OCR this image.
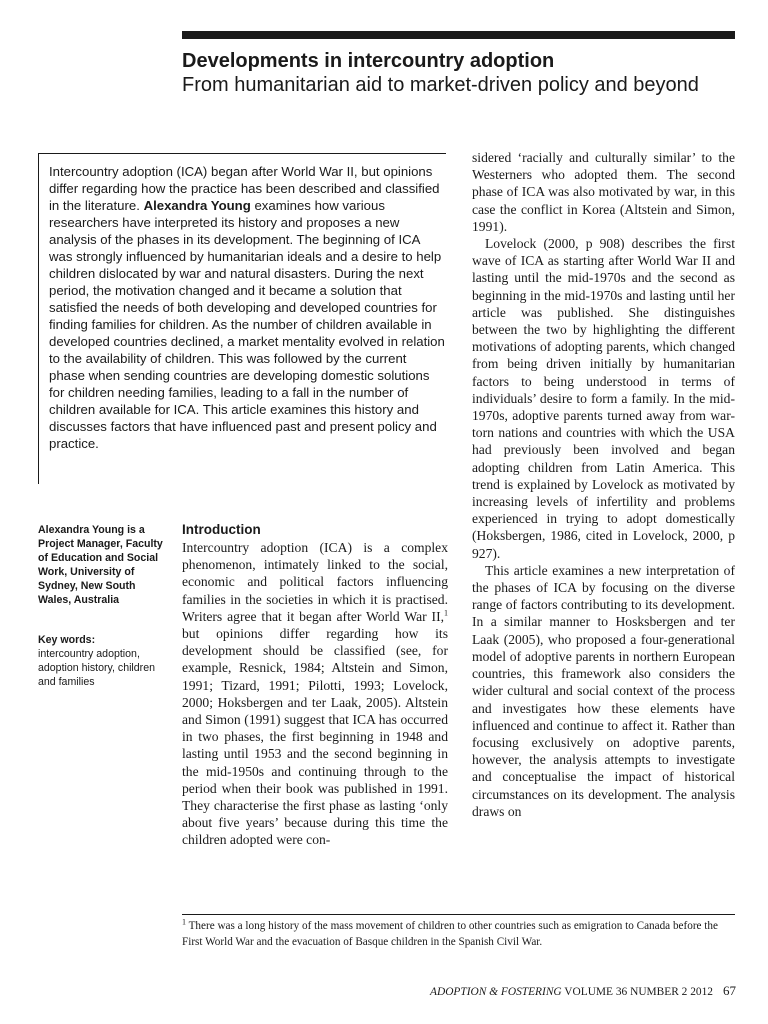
Developments in intercountry adoption
From humanitarian aid to market-driven policy and beyond
Intercountry adoption (ICA) began after World War II, but opinions differ regarding how the practice has been described and classified in the literature. Alexandra Young examines how various researchers have interpreted its history and proposes a new analysis of the phases in its development. The beginning of ICA was strongly influenced by humanitarian ideals and a desire to help children dislocated by war and natural disasters. During the next period, the motivation changed and it became a solution that satisfied the needs of both developing and developed countries for finding families for children. As the number of children available in developed countries declined, a market mentality evolved in relation to the availability of children. This was followed by the current phase when sending countries are developing domestic solutions for children needing families, leading to a fall in the number of children available for ICA. This article examines this history and discusses factors that have influenced past and present policy and practice.
Alexandra Young is a Project Manager, Faculty of Education and Social Work, University of Sydney, New South Wales, Australia
Key words:
intercountry adoption, adoption history, children and families
Introduction

Intercountry adoption (ICA) is a complex phenomenon, intimately linked to the social, economic and political factors influencing families in the societies in which it is practised. Writers agree that it began after World War II,$^1$ but opinions differ regarding how its development should be classified (see, for example, Resnick, 1984; Altstein and Simon, 1991; Tizard, 1991; Pilotti, 1993; Lovelock, 2000; Hoksbergen and ter Laak, 2005). Altstein and Simon (1991) suggest that ICA has occurred in two phases, the first beginning in 1948 and lasting until 1953 and the second beginning in the mid-1950s and continuing through to the period when their book was published in 1991. They characterise the first phase as lasting ‘only about five years’ because during this time the children adopted were con-

sidered ‘racially and culturally similar’ to the Westerners who adopted them. The second phase of ICA was also motivated by war, in this case the conflict in Korea (Altstein and Simon, 1991).

Lovelock (2000, p 908) describes the first wave of ICA as starting after World War II and lasting until the mid-1970s and the second as beginning in the mid-1970s and lasting until her article was published. She distinguishes between the two by highlighting the different motivations of adopting parents, which changed from being driven initially by humanitarian factors to being understood in terms of individuals’ desire to form a family. In the mid-1970s, adoptive parents turned away from war-torn nations and countries with which the USA had previously been involved and began adopting children from Latin America. This trend is explained by Lovelock as motivated by increasing levels of infertility and problems experienced in trying to adopt domestically (Hoksbergen, 1986, cited in Lovelock, 2000, p 927).

This article examines a new interpretation of the phases of ICA by focusing on the diverse range of factors contributing to its development. In a similar manner to Hosksbergen and ter Laak (2005), who proposed a four-generational model of adoptive parents in northern European countries, this framework also considers the wider cultural and social context of the process and investigates how these elements have influenced and continue to affect it. Rather than focusing exclusively on adoptive parents, however, the analysis attempts to investigate and conceptualise the impact of historical circumstances on its development. The analysis draws on

$^1$ There was a long history of the mass movement of children to other countries such as emigration to Canada before the First World War and the evacuation of Basque children in the Spanish Civil War.
ADOPTION & FOSTERING VOLUME 36 NUMBER 2 2012 67
